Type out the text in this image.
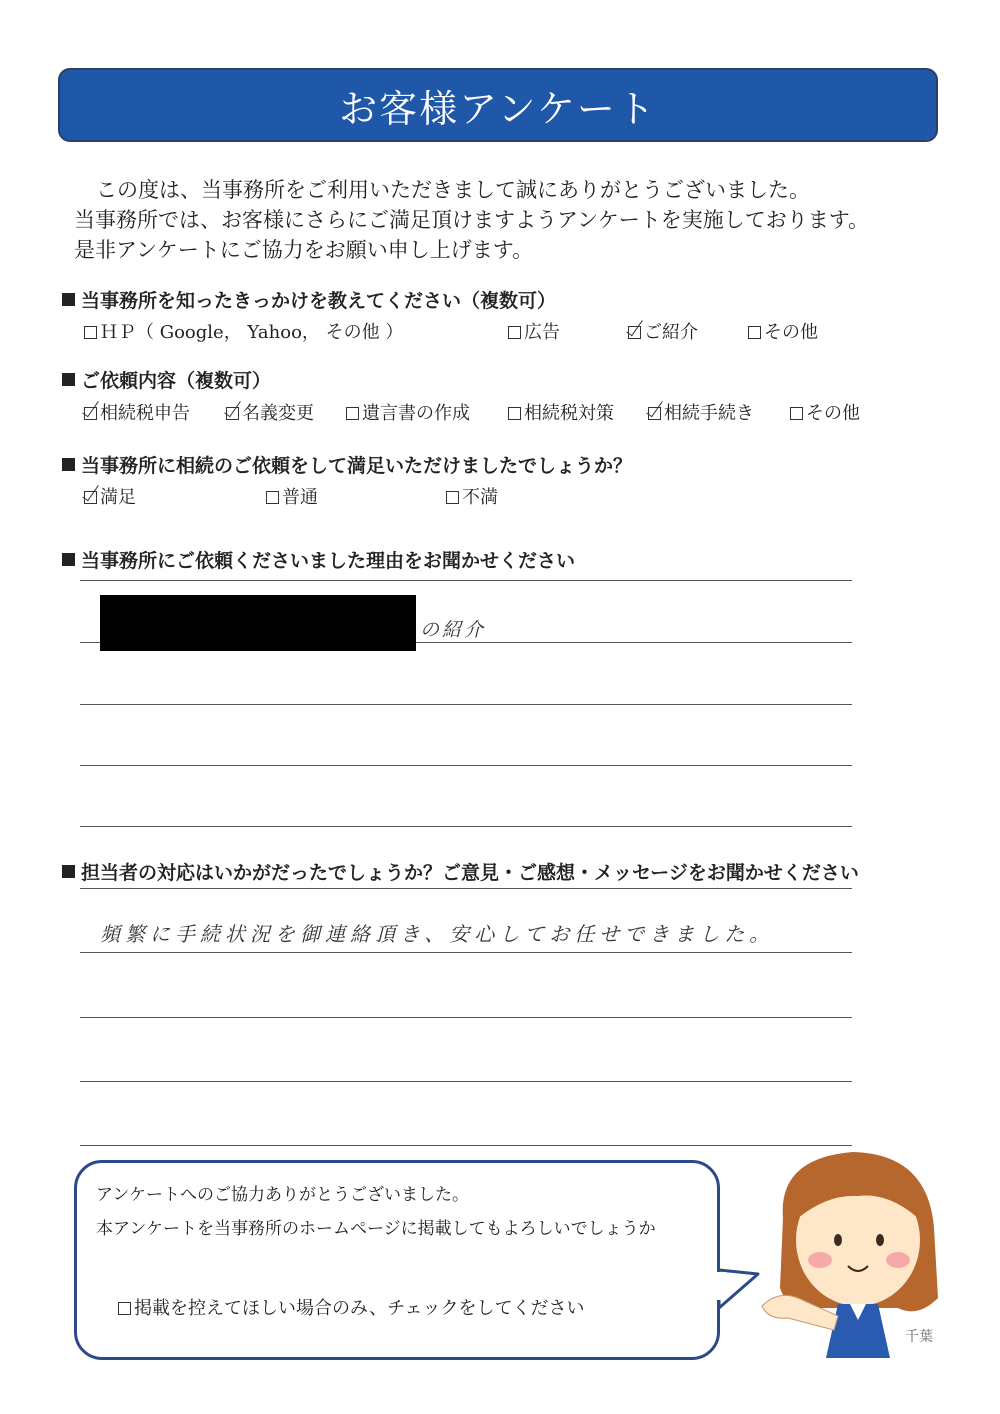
お客様アンケート
この度は、当事務所をご利用いただきまして誠にありがとうございました。
当事務所では、お客様にさらにご満足頂けますようアンケートを実施しております。
是非アンケートにご協力をお願い申し上げます。
当事務所を知ったきっかけを教えてください（複数可）
ＨＰ（ Google， Yahoo， その他 ）	広告	ご紹介	その他
ご依頼内容（複数可）
相続税申告	名義変更	遺言書の作成	相続税対策	相続手続き	その他
当事務所に相続のご依頼をして満足いただけましたでしょうか？
満足	普通	不満
当事務所にご依頼くださいました理由をお聞かせください
の紹介
担当者の対応はいかがだったでしょうか？ご意見・ご感想・メッセージをお聞かせください
頻繁に手続状況を御連絡頂き、安心してお任せできました。
アンケートへのご協力ありがとうございました。
本アンケートを当事務所のホームページに掲載してもよろしいでしょうか
掲載を控えてほしい場合のみ、チェックをしてください
千葉
